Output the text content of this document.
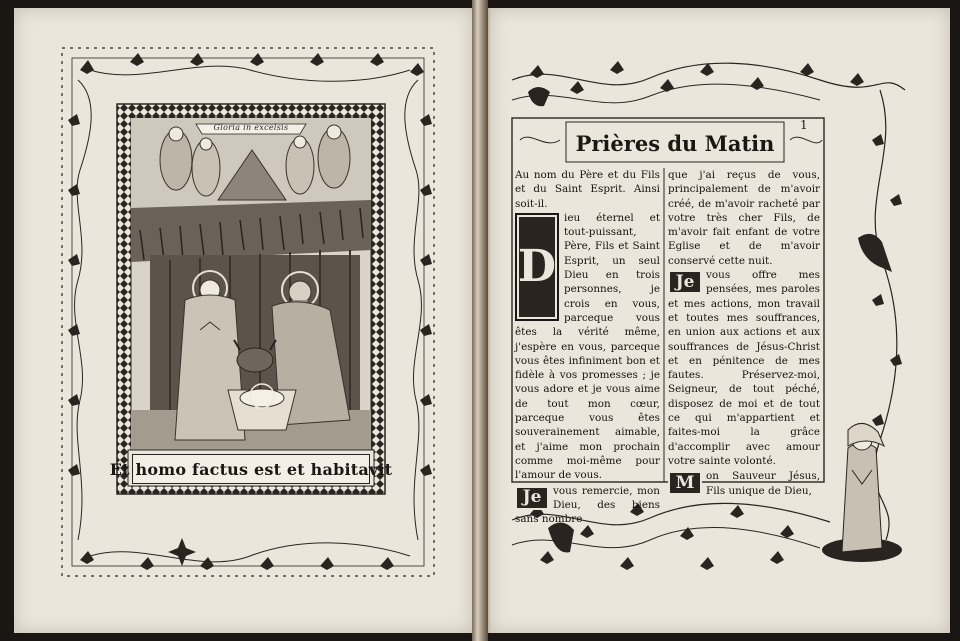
Gloria in excelsis
Et homo factus est et habitavit
Prières du Matin
1

Au nom du Père et du Fils et du Saint Esprit. Ainsi soit-il.

D
ieu éternel et tout-puissant, Père, Fils et Saint Esprit, un seul Dieu en trois personnes, je crois en vous, parceque vous êtes la vérité même, j'espère en vous, parceque vous êtes infiniment bon et fidèle à vos promesses ; je vous adore et je vous aime de tout mon cœur, parceque vous êtes souverainement aimable, et j'aime mon prochain comme moi-même pour l'amour de vous.

Je	vous remercie, mon Dieu, des biens sans nombre

que j'ai reçus de vous, principalement de m'avoir créé, de m'avoir racheté par votre très cher Fils, de m'avoir fait enfant de votre Eglise et de m'avoir conservé cette nuit.

Je	vous offre mes pensées, mes paroles et mes actions, mon travail et toutes mes souffrances, en union aux actions et aux souffrances de Jésus-Christ et en pénitence de mes fautes. Préservez-moi, Seigneur, de tout péché, disposez de moi et de tout ce qui m'appartient et faites-moi la grâce d'accomplir avec amour votre sainte volonté.

M	on Sauveur Jésus, Fils unique de Dieu,
